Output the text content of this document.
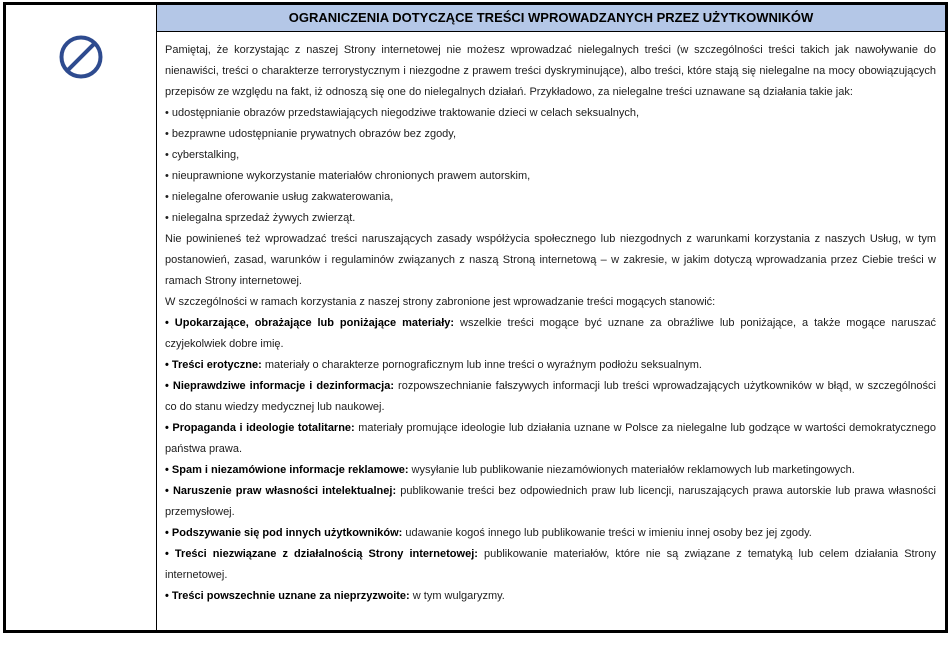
OGRANICZENIA DOTYCZĄCE TREŚCI WPROWADZANYCH PRZEZ UŻYTKOWNIKÓW

Pamiętaj, że korzystając z naszej Strony internetowej nie możesz wprowadzać nielegalnych treści (w szczególności treści takich jak nawoływanie do nienawiści, treści o charakterze terrorystycznym i niezgodne z prawem treści dyskryminujące), albo treści, które stają się nielegalne na mocy obowiązujących przepisów ze względu na fakt, iż odnoszą się one do nielegalnych działań. Przykładowo, za nielegalne treści uznawane są działania takie jak:

• udostępnianie obrazów przedstawiających niegodziwe traktowanie dzieci w celach seksualnych,

• bezprawne udostępnianie prywatnych obrazów bez zgody,

• cyberstalking,

• nieuprawnione wykorzystanie materiałów chronionych prawem autorskim,

• nielegalne oferowanie usług zakwaterowania,

• nielegalna sprzedaż żywych zwierząt.

Nie powinieneś też wprowadzać treści naruszających zasady współżycia społecznego lub niezgodnych z warunkami korzystania z naszych Usług, w tym postanowień, zasad, warunków i regulaminów związanych z naszą Stroną internetową – w zakresie, w jakim dotyczą wprowadzania przez Ciebie treści w ramach Strony internetowej.

W szczególności w ramach korzystania z naszej strony zabronione jest wprowadzanie treści mogących stanowić:

• Upokarzające, obrażające lub poniżające materiały: wszelkie treści mogące być uznane za obraźliwe lub poniżające, a także mogące naruszać czyjekolwiek dobre imię.

• Treści erotyczne: materiały o charakterze pornograficznym lub inne treści o wyraźnym podłożu seksualnym.

• Nieprawdziwe informacje i dezinformacja: rozpowszechnianie fałszywych informacji lub treści wprowadzających użytkowników w błąd, w szczególności co do stanu wiedzy medycznej lub naukowej.

• Propaganda i ideologie totalitarne: materiały promujące ideologie lub działania uznane w Polsce za nielegalne lub godzące w wartości demokratycznego państwa prawa.

• Spam i niezamówione informacje reklamowe: wysyłanie lub publikowanie niezamówionych materiałów reklamowych lub marketingowych.

• Naruszenie praw własności intelektualnej: publikowanie treści bez odpowiednich praw lub licencji, naruszających prawa autorskie lub prawa własności przemysłowej.

• Podszywanie się pod innych użytkowników: udawanie kogoś innego lub publikowanie treści w imieniu innej osoby bez jej zgody.

• Treści niezwiązane z działalnością Strony internetowej: publikowanie materiałów, które nie są związane z tematyką lub celem działania Strony internetowej.

• Treści powszechnie uznane za nieprzyzwoite: w tym wulgaryzmy.
